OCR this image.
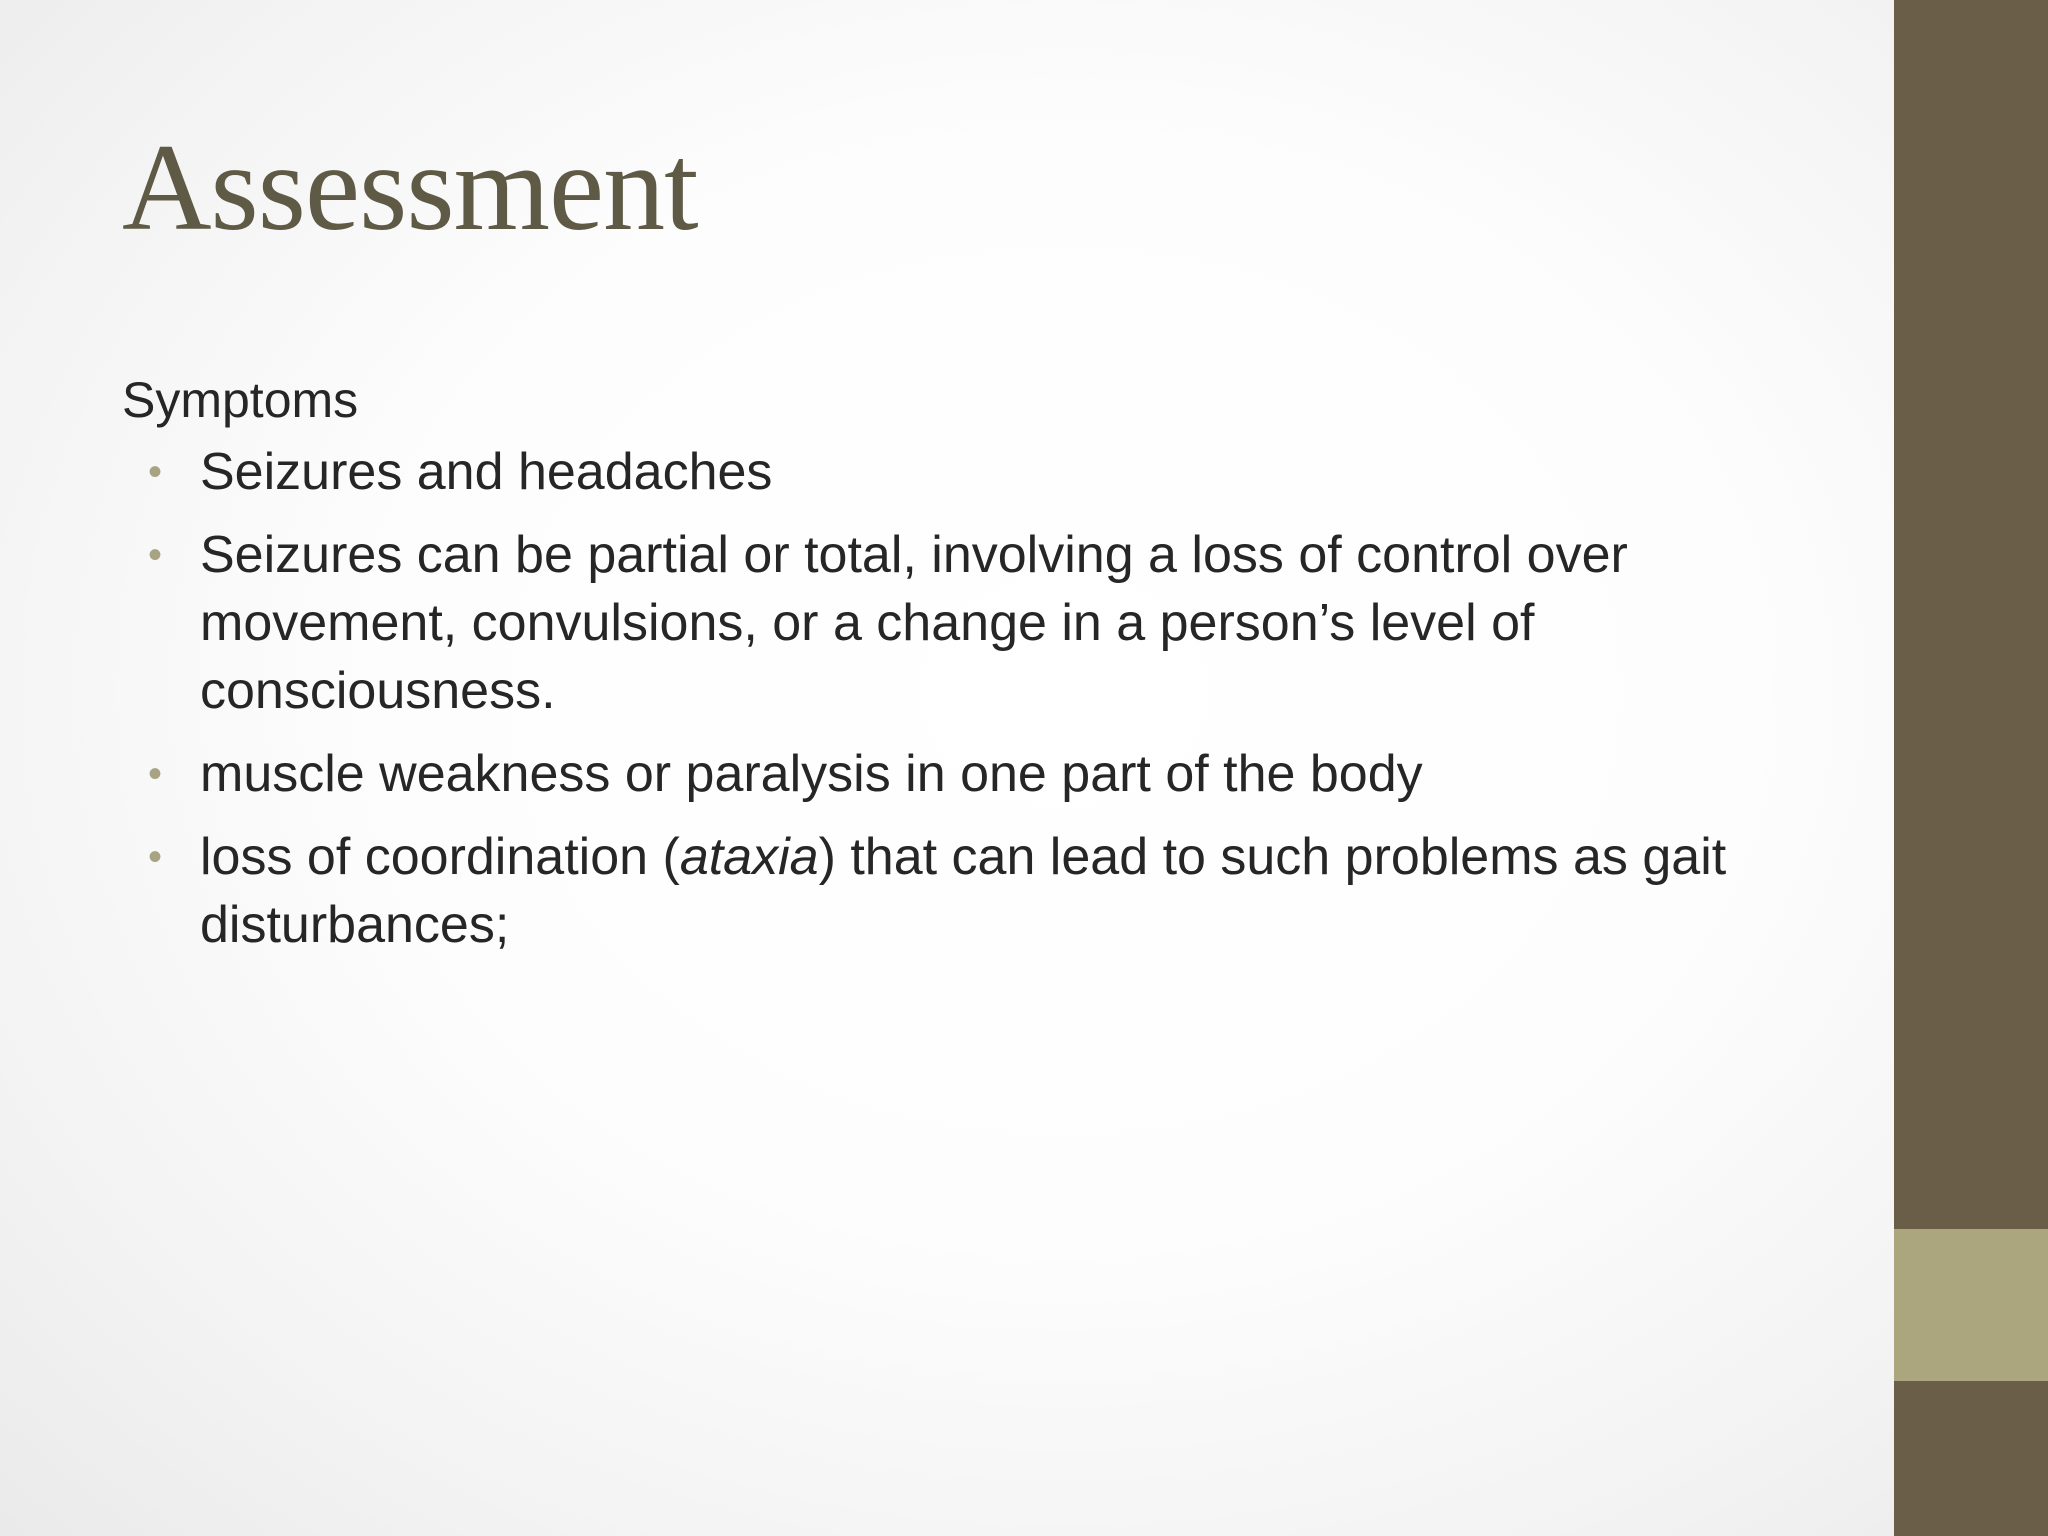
Assessment
Symptoms
• Seizures and headaches
• Seizures can be partial or total, involving a loss of control over movement, convulsions, or a change in a person’s level of consciousness.
• muscle weakness or paralysis in one part of the body
• loss of coordination (ataxia) that can lead to such problems as gait disturbances;
